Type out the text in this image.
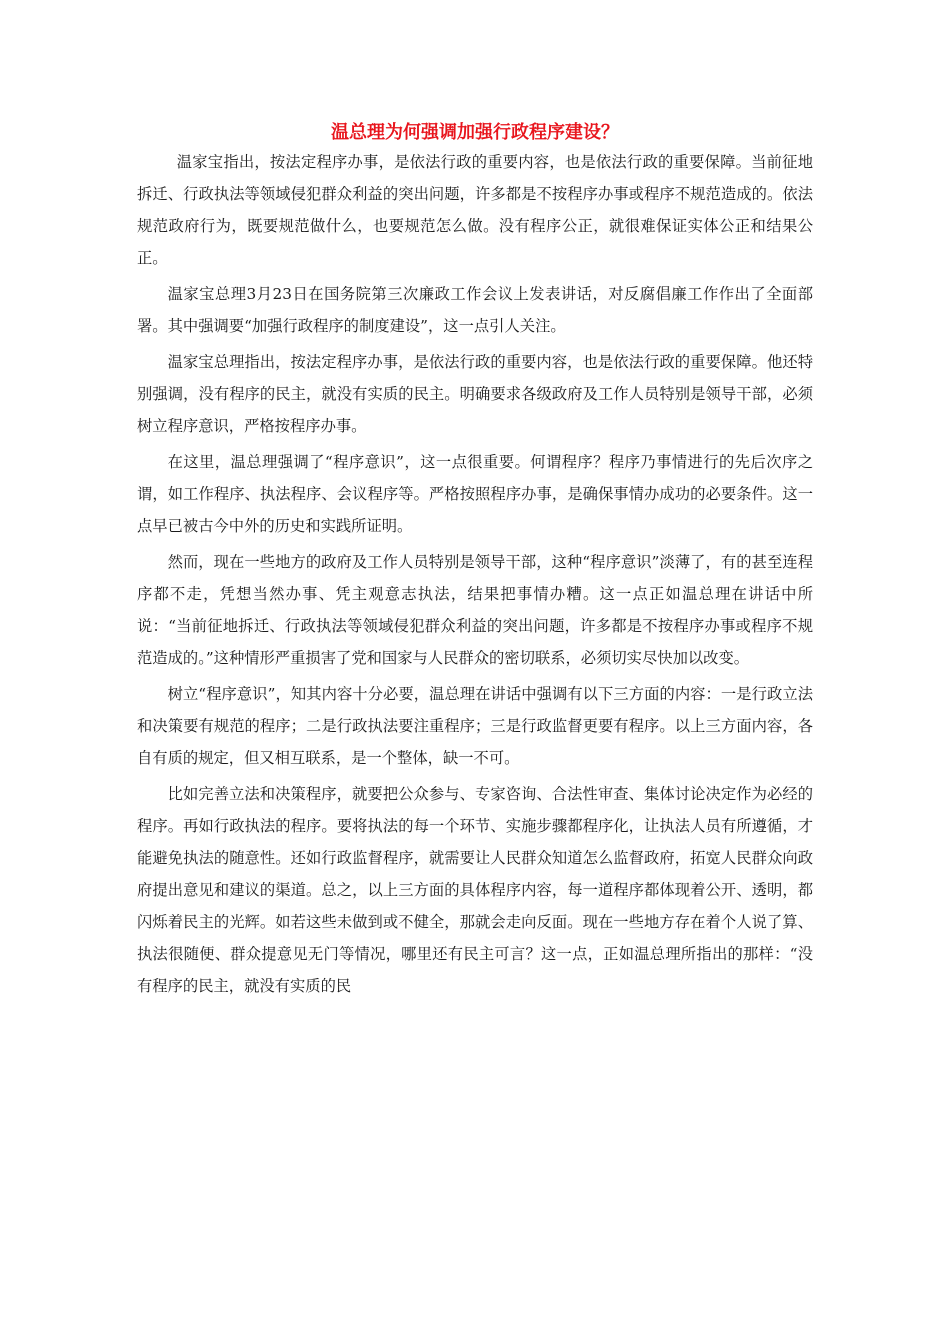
温总理为何强调加强行政程序建设？

温家宝指出，按法定程序办事，是依法行政的重要内容，也是依法行政的重要保障。当前征地拆迁、行政执法等领域侵犯群众利益的突出问题，许多都是不按程序办事或程序不规范造成的。依法规范政府行为，既要规范做什么，也要规范怎么做。没有程序公正，就很难保证实体公正和结果公正。

温家宝总理3月23日在国务院第三次廉政工作会议上发表讲话，对反腐倡廉工作作出了全面部署。其中强调要“加强行政程序的制度建设”，这一点引人关注。

温家宝总理指出，按法定程序办事，是依法行政的重要内容，也是依法行政的重要保障。他还特别强调，没有程序的民主，就没有实质的民主。明确要求各级政府及工作人员特别是领导干部，必须树立程序意识，严格按程序办事。

在这里，温总理强调了“程序意识”，这一点很重要。何谓程序？程序乃事情进行的先后次序之谓，如工作程序、执法程序、会议程序等。严格按照程序办事，是确保事情办成功的必要条件。这一点早已被古今中外的历史和实践所证明。

然而，现在一些地方的政府及工作人员特别是领导干部，这种“程序意识”淡薄了，有的甚至连程序都不走，凭想当然办事、凭主观意志执法，结果把事情办糟。这一点正如温总理在讲话中所说：“当前征地拆迁、行政执法等领域侵犯群众利益的突出问题，许多都是不按程序办事或程序不规范造成的。”这种情形严重损害了党和国家与人民群众的密切联系，必须切实尽快加以改变。

树立“程序意识”，知其内容十分必要，温总理在讲话中强调有以下三方面的内容：一是行政立法和决策要有规范的程序；二是行政执法要注重程序；三是行政监督更要有程序。以上三方面内容，各自有质的规定，但又相互联系，是一个整体，缺一不可。

比如完善立法和决策程序，就要把公众参与、专家咨询、合法性审查、集体讨论决定作为必经的程序。再如行政执法的程序。要将执法的每一个环节、实施步骤都程序化，让执法人员有所遵循，才能避免执法的随意性。还如行政监督程序，就需要让人民群众知道怎么监督政府，拓宽人民群众向政府提出意见和建议的渠道。总之，以上三方面的具体程序内容，每一道程序都体现着公开、透明，都闪烁着民主的光辉。如若这些未做到或不健全，那就会走向反面。现在一些地方存在着个人说了算、执法很随便、群众提意见无门等情况，哪里还有民主可言？这一点，正如温总理所指出的那样：“没有程序的民主，就没有实质的民
